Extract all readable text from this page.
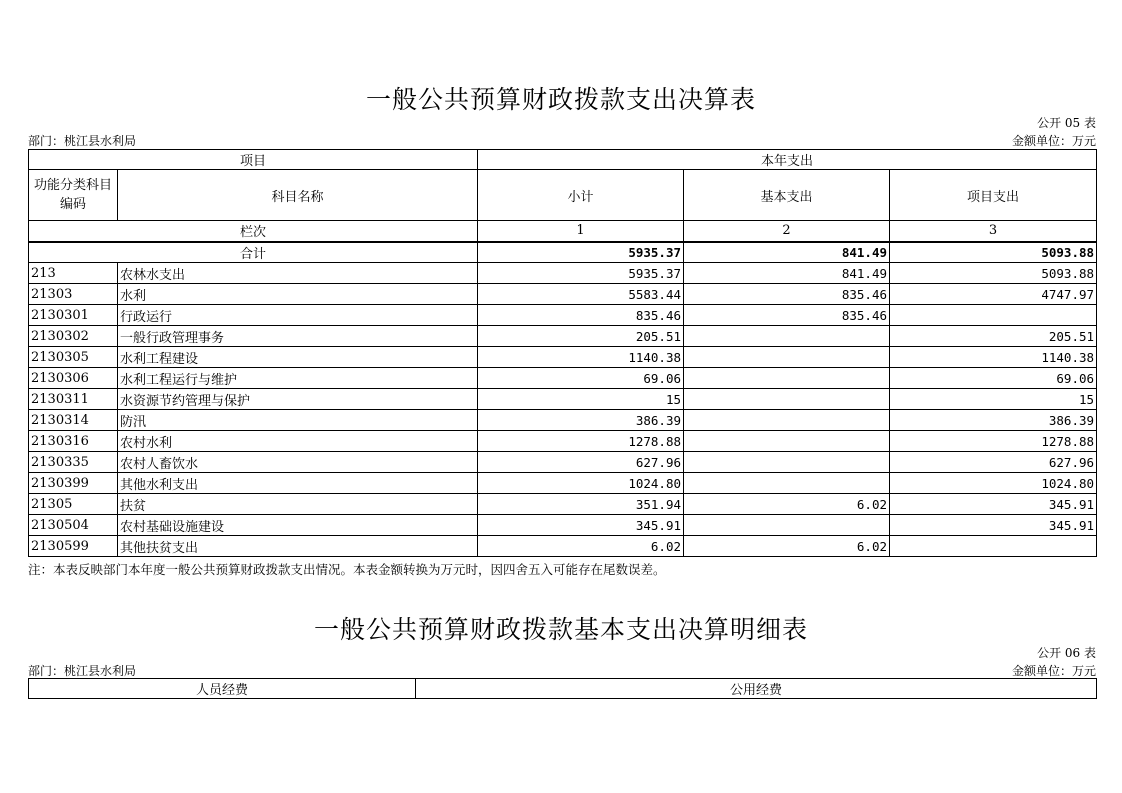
一般公共预算财政拨款支出决算表
公开 05 表
部门：桃江县水利局	金额单位：万元
项目		本年支出		
功能分类科目编码	科目名称	小计	基本支出	项目支出
栏次		1	2	3
合计		5935.37	841.49	5093.88
213	农林水支出	5935.37	841.49	5093.88
21303	水利	5583.44	835.46	4747.97
2130301	行政运行	835.46	835.46	
2130302	一般行政管理事务	205.51		205.51
2130305	水利工程建设	1140.38		1140.38
2130306	水利工程运行与维护	69.06		69.06
2130311	水资源节约管理与保护	15		15
2130314	防汛	386.39		386.39
2130316	农村水利	1278.88		1278.88
2130335	农村人畜饮水	627.96		627.96
2130399	其他水利支出	1024.80		1024.80
21305	扶贫	351.94	6.02	345.91
2130504	农村基础设施建设	345.91		345.91
2130599	其他扶贫支出	6.02	6.02	
注：本表反映部门本年度一般公共预算财政拨款支出情况。本表金额转换为万元时，因四舍五入可能存在尾数误差。
一般公共预算财政拨款基本支出决算明细表
公开 06 表
部门：桃江县水利局	金额单位：万元
人员经费	公用经费
